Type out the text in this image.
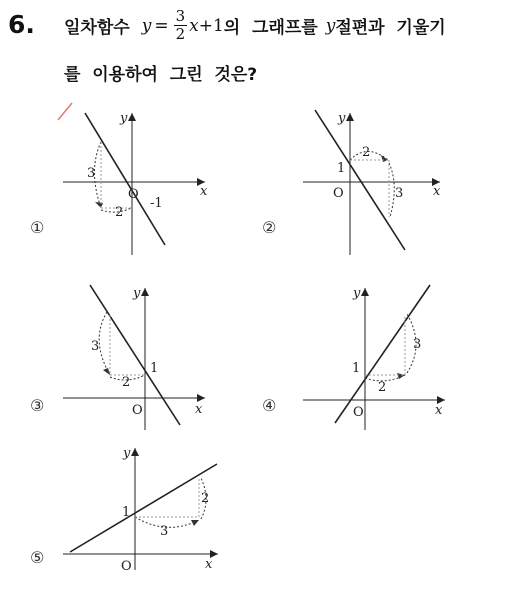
6. 일차함수 $y = \frac{3}{2}$ x +1 의  그래프를 y 절편과  기울기
를  이용하여  그린  것은?
①
x
y
O
3
2
-1
②
x
y
O
1
2
3
③	x
y
O
3
1
2
④	x
y
O
1
3
2
⑤	x
y
O
1
2
3
